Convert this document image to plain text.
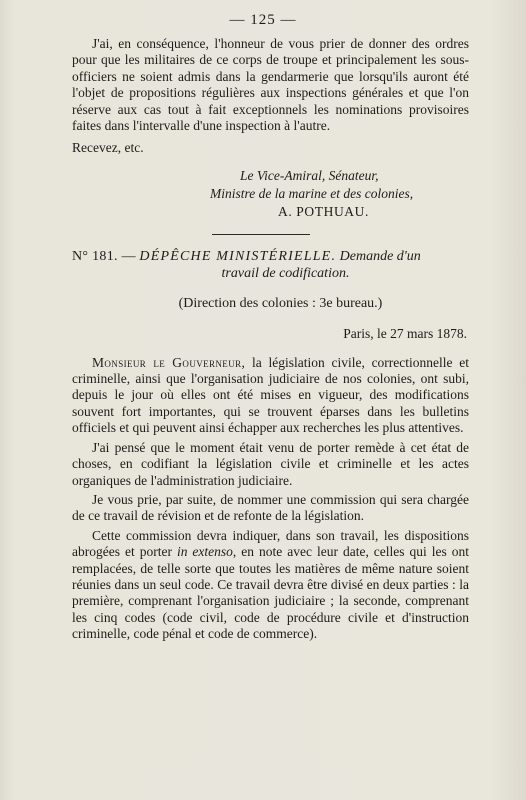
— 125 —

J'ai, en conséquence, l'honneur de vous prier de donner des ordres pour que les militaires de ce corps de troupe et principalement les sous-officiers ne soient admis dans la gendarmerie que lorsqu'ils auront été l'objet de propositions régulières aux inspections générales et que l'on réserve aux cas tout à fait exceptionnels les nominations provisoires faites dans l'intervalle d'une inspection à l'autre.

Recevez, etc.

Le Vice-Amiral, Sénateur,
Ministre de la marine et des colonies,
A. POTHUAU.
N° 181. — DÉPÊCHE MINISTÉRIELLE. Demande d'un
travail de codification.
(Direction des colonies : 3e bureau.)
Paris, le 27 mars 1878.

Monsieur le Gouverneur, la législation civile, correctionnelle et criminelle, ainsi que l'organisation judiciaire de nos colonies, ont subi, depuis le jour où elles ont été mises en vigueur, des modifications souvent fort importantes, qui se trouvent éparses dans les bulletins officiels et qui peuvent ainsi échapper aux recherches les plus attentives.

J'ai pensé que le moment était venu de porter remède à cet état de choses, en codifiant la législation civile et criminelle et les actes organiques de l'administration judiciaire.

Je vous prie, par suite, de nommer une commission qui sera chargée de ce travail de révision et de refonte de la législation.

Cette commission devra indiquer, dans son travail, les dispositions abrogées et porter in extenso, en note avec leur date, celles qui les ont remplacées, de telle sorte que toutes les matières de même nature soient réunies dans un seul code. Ce travail devra être divisé en deux parties : la première, comprenant l'organisation judiciaire ; la seconde, comprenant les cinq codes (code civil, code de procédure civile et d'instruction criminelle, code pénal et code de commerce).
